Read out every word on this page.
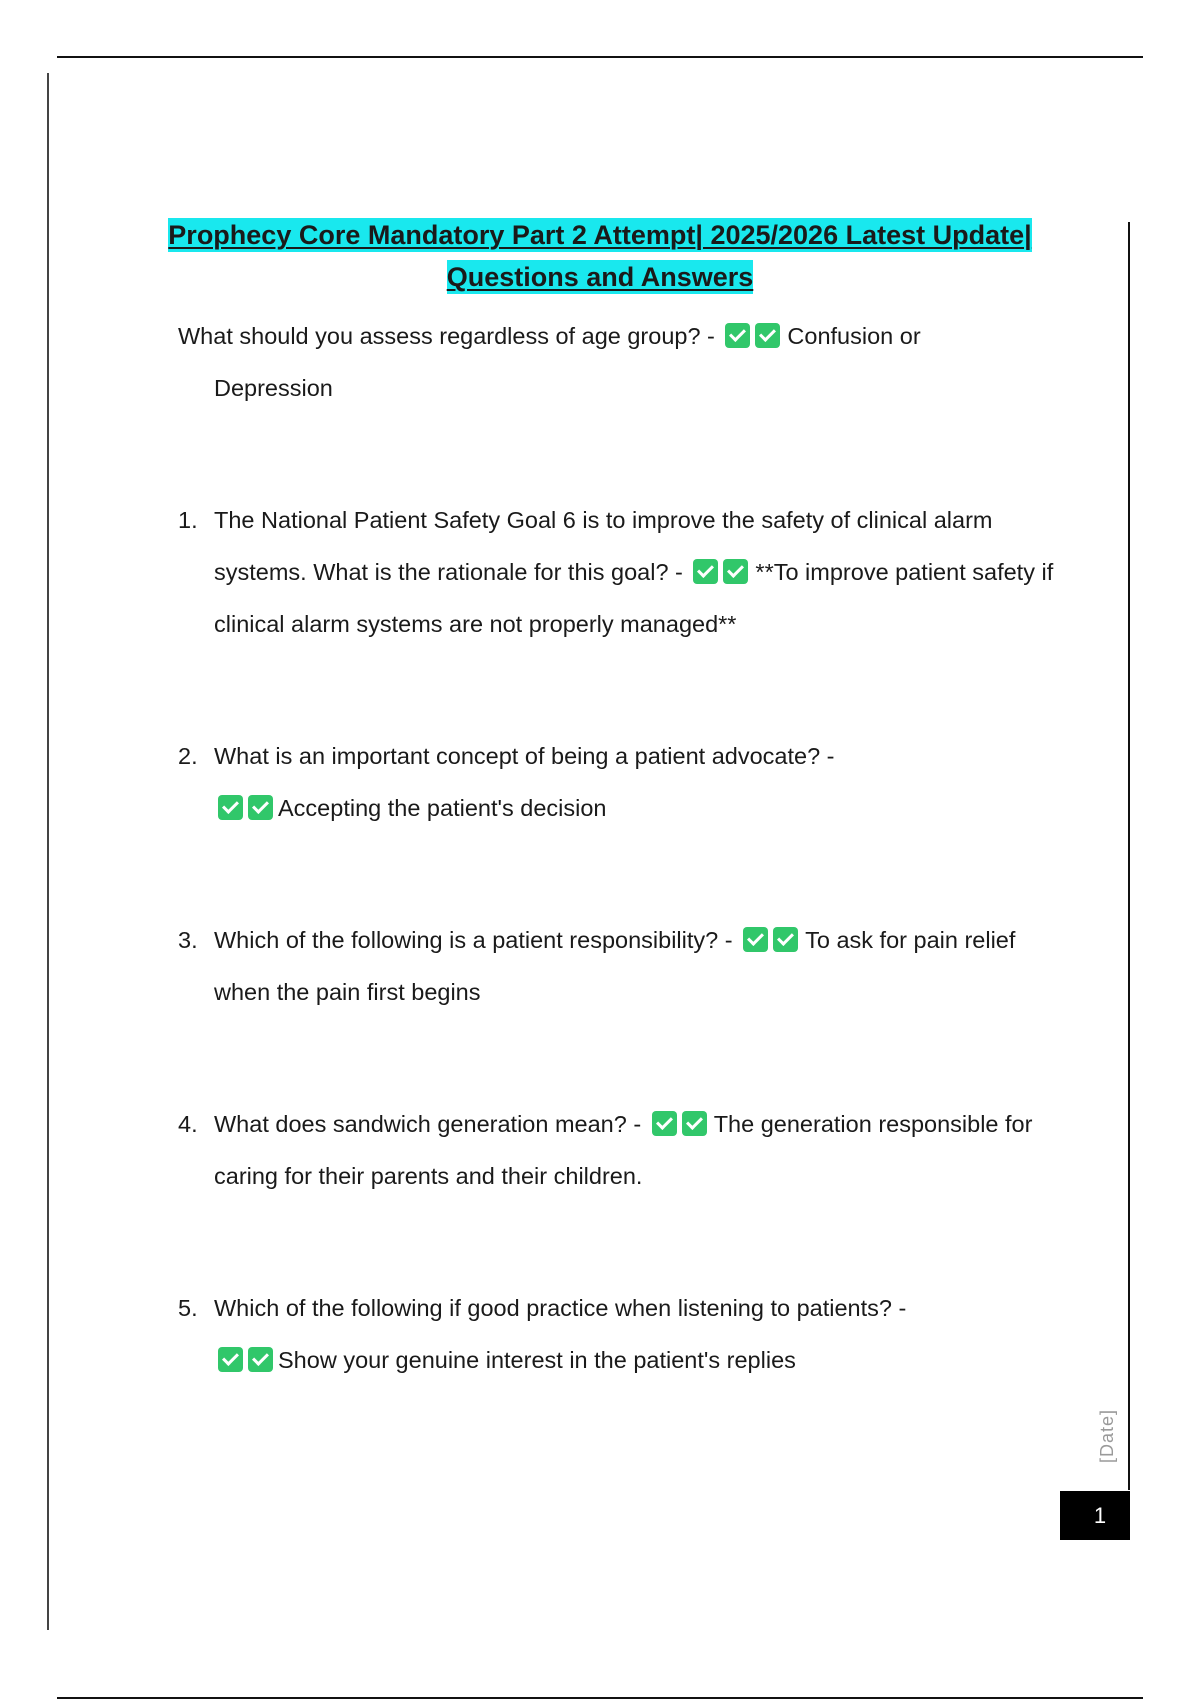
Prophecy Core Mandatory Part 2 Attempt| 2025/2026 Latest Update|
Questions and Answers
What should you assess regardless of age group? -	Confusion or
Depression
1. The National Patient Safety Goal 6 is to improve the safety of clinical alarm systems. What is the rationale for this goal? -	**To improve patient safety if clinical alarm systems are not properly managed**
2. What is an important concept of being a patient advocate? -
Accepting the patient's decision
3. Which of the following is a patient responsibility? -	To ask for pain relief when the pain first begins
4. What does sandwich generation mean? -	The generation responsible for caring for their parents and their children.
5. Which of the following if good practice when listening to patients? -
Show your genuine interest in the patient's replies
[Date]
1
